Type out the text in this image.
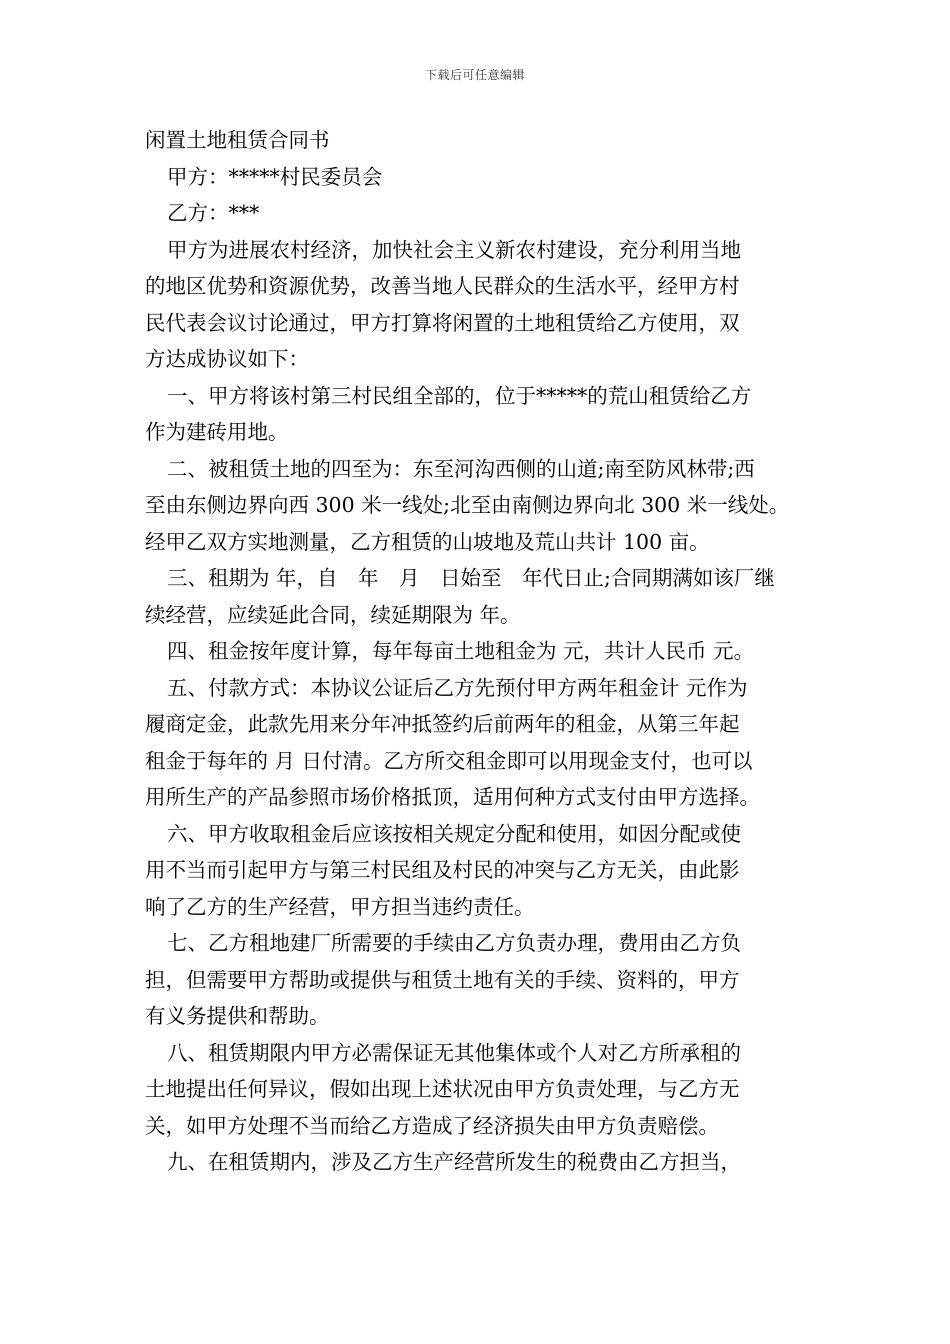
下载后可任意编辑
闲置土地租赁合同书
甲方：*****村民委员会
乙方：***
甲方为进展农村经济，加快社会主义新农村建设，充分利用当地
的地区优势和资源优势，改善当地人民群众的生活水平，经甲方村
民代表会议讨论通过，甲方打算将闲置的土地租赁给乙方使用，双
方达成协议如下：
一、甲方将该村第三村民组全部的，位于*****的荒山租赁给乙方
作为建砖用地。
二、被租赁土地的四至为：东至河沟西侧的山道;南至防风林带;西
至由东侧边界向西 300 米一线处;北至由南侧边界向北 300 米一线处。
经甲乙双方实地测量，乙方租赁的山坡地及荒山共计 100 亩。
三、租期为 年，自　年　月　日始至　年代日止;合同期满如该厂继
续经营，应续延此合同，续延期限为 年。
四、租金按年度计算，每年每亩土地租金为 元，共计人民币 元。
五、付款方式：本协议公证后乙方先预付甲方两年租金计 元作为
履商定金，此款先用来分年冲抵签约后前两年的租金，从第三年起
租金于每年的 月 日付清。乙方所交租金即可以用现金支付，也可以
用所生产的产品参照市场价格抵顶，适用何种方式支付由甲方选择。
六、甲方收取租金后应该按相关规定分配和使用，如因分配或使
用不当而引起甲方与第三村民组及村民的冲突与乙方无关，由此影
响了乙方的生产经营，甲方担当违约责任。
七、乙方租地建厂所需要的手续由乙方负责办理，费用由乙方负
担，但需要甲方帮助或提供与租赁土地有关的手续、资料的，甲方
有义务提供和帮助。
八、租赁期限内甲方必需保证无其他集体或个人对乙方所承租的
土地提出任何异议，假如出现上述状况由甲方负责处理，与乙方无
关，如甲方处理不当而给乙方造成了经济损失由甲方负责赔偿。
九、在租赁期内，涉及乙方生产经营所发生的税费由乙方担当，
